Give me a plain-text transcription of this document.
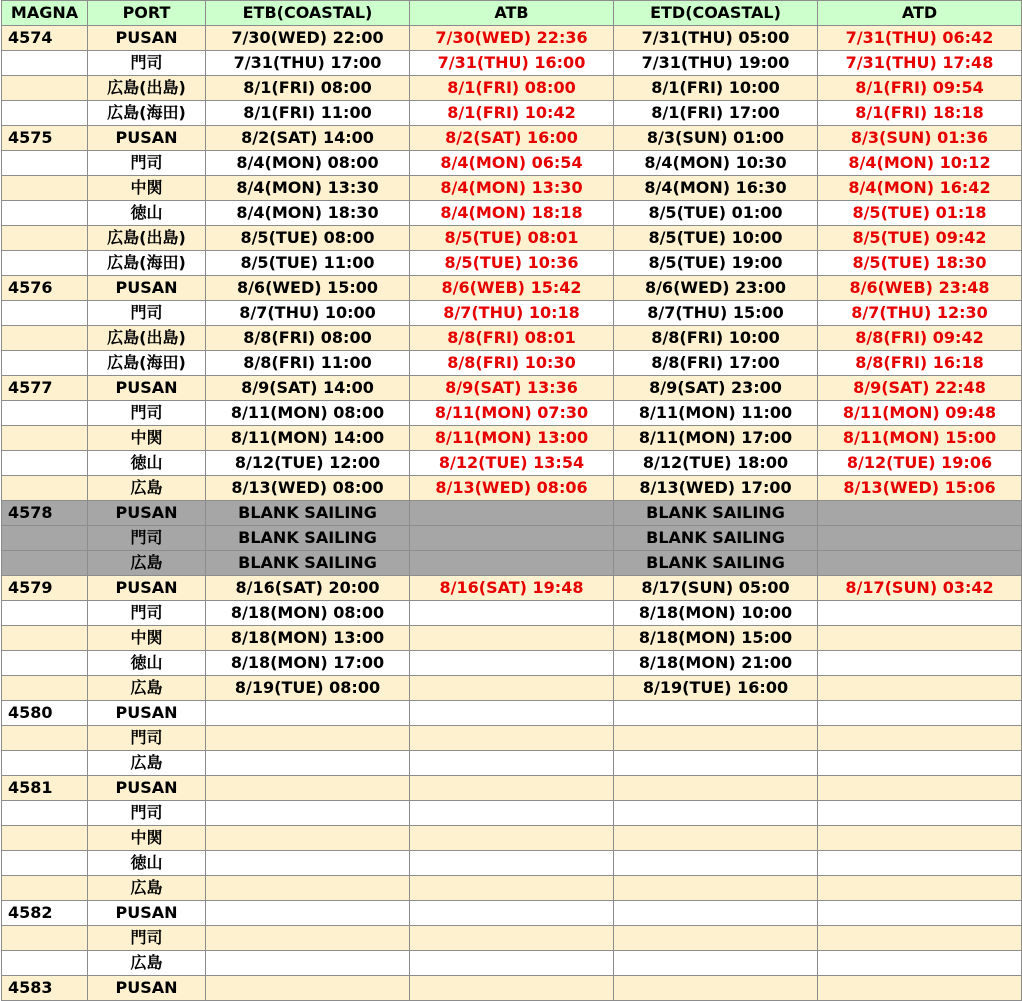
MAGNA	PORT	ETB(COASTAL)	ATB	ETD(COASTAL)	ATD
4574	PUSAN	7/30(WED) 22:00	7/30(WED) 22:36	7/31(THU) 05:00	7/31(THU) 06:42
	門司	7/31(THU) 17:00	7/31(THU) 16:00	7/31(THU) 19:00	7/31(THU) 17:48
	広島(出島)	8/1(FRI) 08:00	8/1(FRI) 08:00	8/1(FRI) 10:00	8/1(FRI) 09:54
	広島(海田)	8/1(FRI) 11:00	8/1(FRI) 10:42	8/1(FRI) 17:00	8/1(FRI) 18:18
4575	PUSAN	8/2(SAT) 14:00	8/2(SAT) 16:00	8/3(SUN) 01:00	8/3(SUN) 01:36
	門司	8/4(MON) 08:00	8/4(MON) 06:54	8/4(MON) 10:30	8/4(MON) 10:12
	中関	8/4(MON) 13:30	8/4(MON) 13:30	8/4(MON) 16:30	8/4(MON) 16:42
	徳山	8/4(MON) 18:30	8/4(MON) 18:18	8/5(TUE) 01:00	8/5(TUE) 01:18
	広島(出島)	8/5(TUE) 08:00	8/5(TUE) 08:01	8/5(TUE) 10:00	8/5(TUE) 09:42
	広島(海田)	8/5(TUE) 11:00	8/5(TUE) 10:36	8/5(TUE) 19:00	8/5(TUE) 18:30
4576	PUSAN	8/6(WED) 15:00	8/6(WEB) 15:42	8/6(WED) 23:00	8/6(WEB) 23:48
	門司	8/7(THU) 10:00	8/7(THU) 10:18	8/7(THU) 15:00	8/7(THU) 12:30
	広島(出島)	8/8(FRI) 08:00	8/8(FRI) 08:01	8/8(FRI) 10:00	8/8(FRI) 09:42
	広島(海田)	8/8(FRI) 11:00	8/8(FRI) 10:30	8/8(FRI) 17:00	8/8(FRI) 16:18
4577	PUSAN	8/9(SAT) 14:00	8/9(SAT) 13:36	8/9(SAT) 23:00	8/9(SAT) 22:48
	門司	8/11(MON) 08:00	8/11(MON) 07:30	8/11(MON) 11:00	8/11(MON) 09:48
	中関	8/11(MON) 14:00	8/11(MON) 13:00	8/11(MON) 17:00	8/11(MON) 15:00
	徳山	8/12(TUE) 12:00	8/12(TUE) 13:54	8/12(TUE) 18:00	8/12(TUE) 19:06
	広島	8/13(WED) 08:00	8/13(WED) 08:06	8/13(WED) 17:00	8/13(WED) 15:06
4578	PUSAN	BLANK SAILING		BLANK SAILING	
	門司	BLANK SAILING		BLANK SAILING	
	広島	BLANK SAILING		BLANK SAILING	
4579	PUSAN	8/16(SAT) 20:00	8/16(SAT) 19:48	8/17(SUN) 05:00	8/17(SUN) 03:42
	門司	8/18(MON) 08:00		8/18(MON) 10:00	
	中関	8/18(MON) 13:00		8/18(MON) 15:00	
	徳山	8/18(MON) 17:00		8/18(MON) 21:00	
	広島	8/19(TUE) 08:00		8/19(TUE) 16:00	
4580	PUSAN				
	門司				
	広島				
4581	PUSAN				
	門司				
	中関				
	徳山				
	広島				
4582	PUSAN				
	門司				
	広島				
4583	PUSAN				
